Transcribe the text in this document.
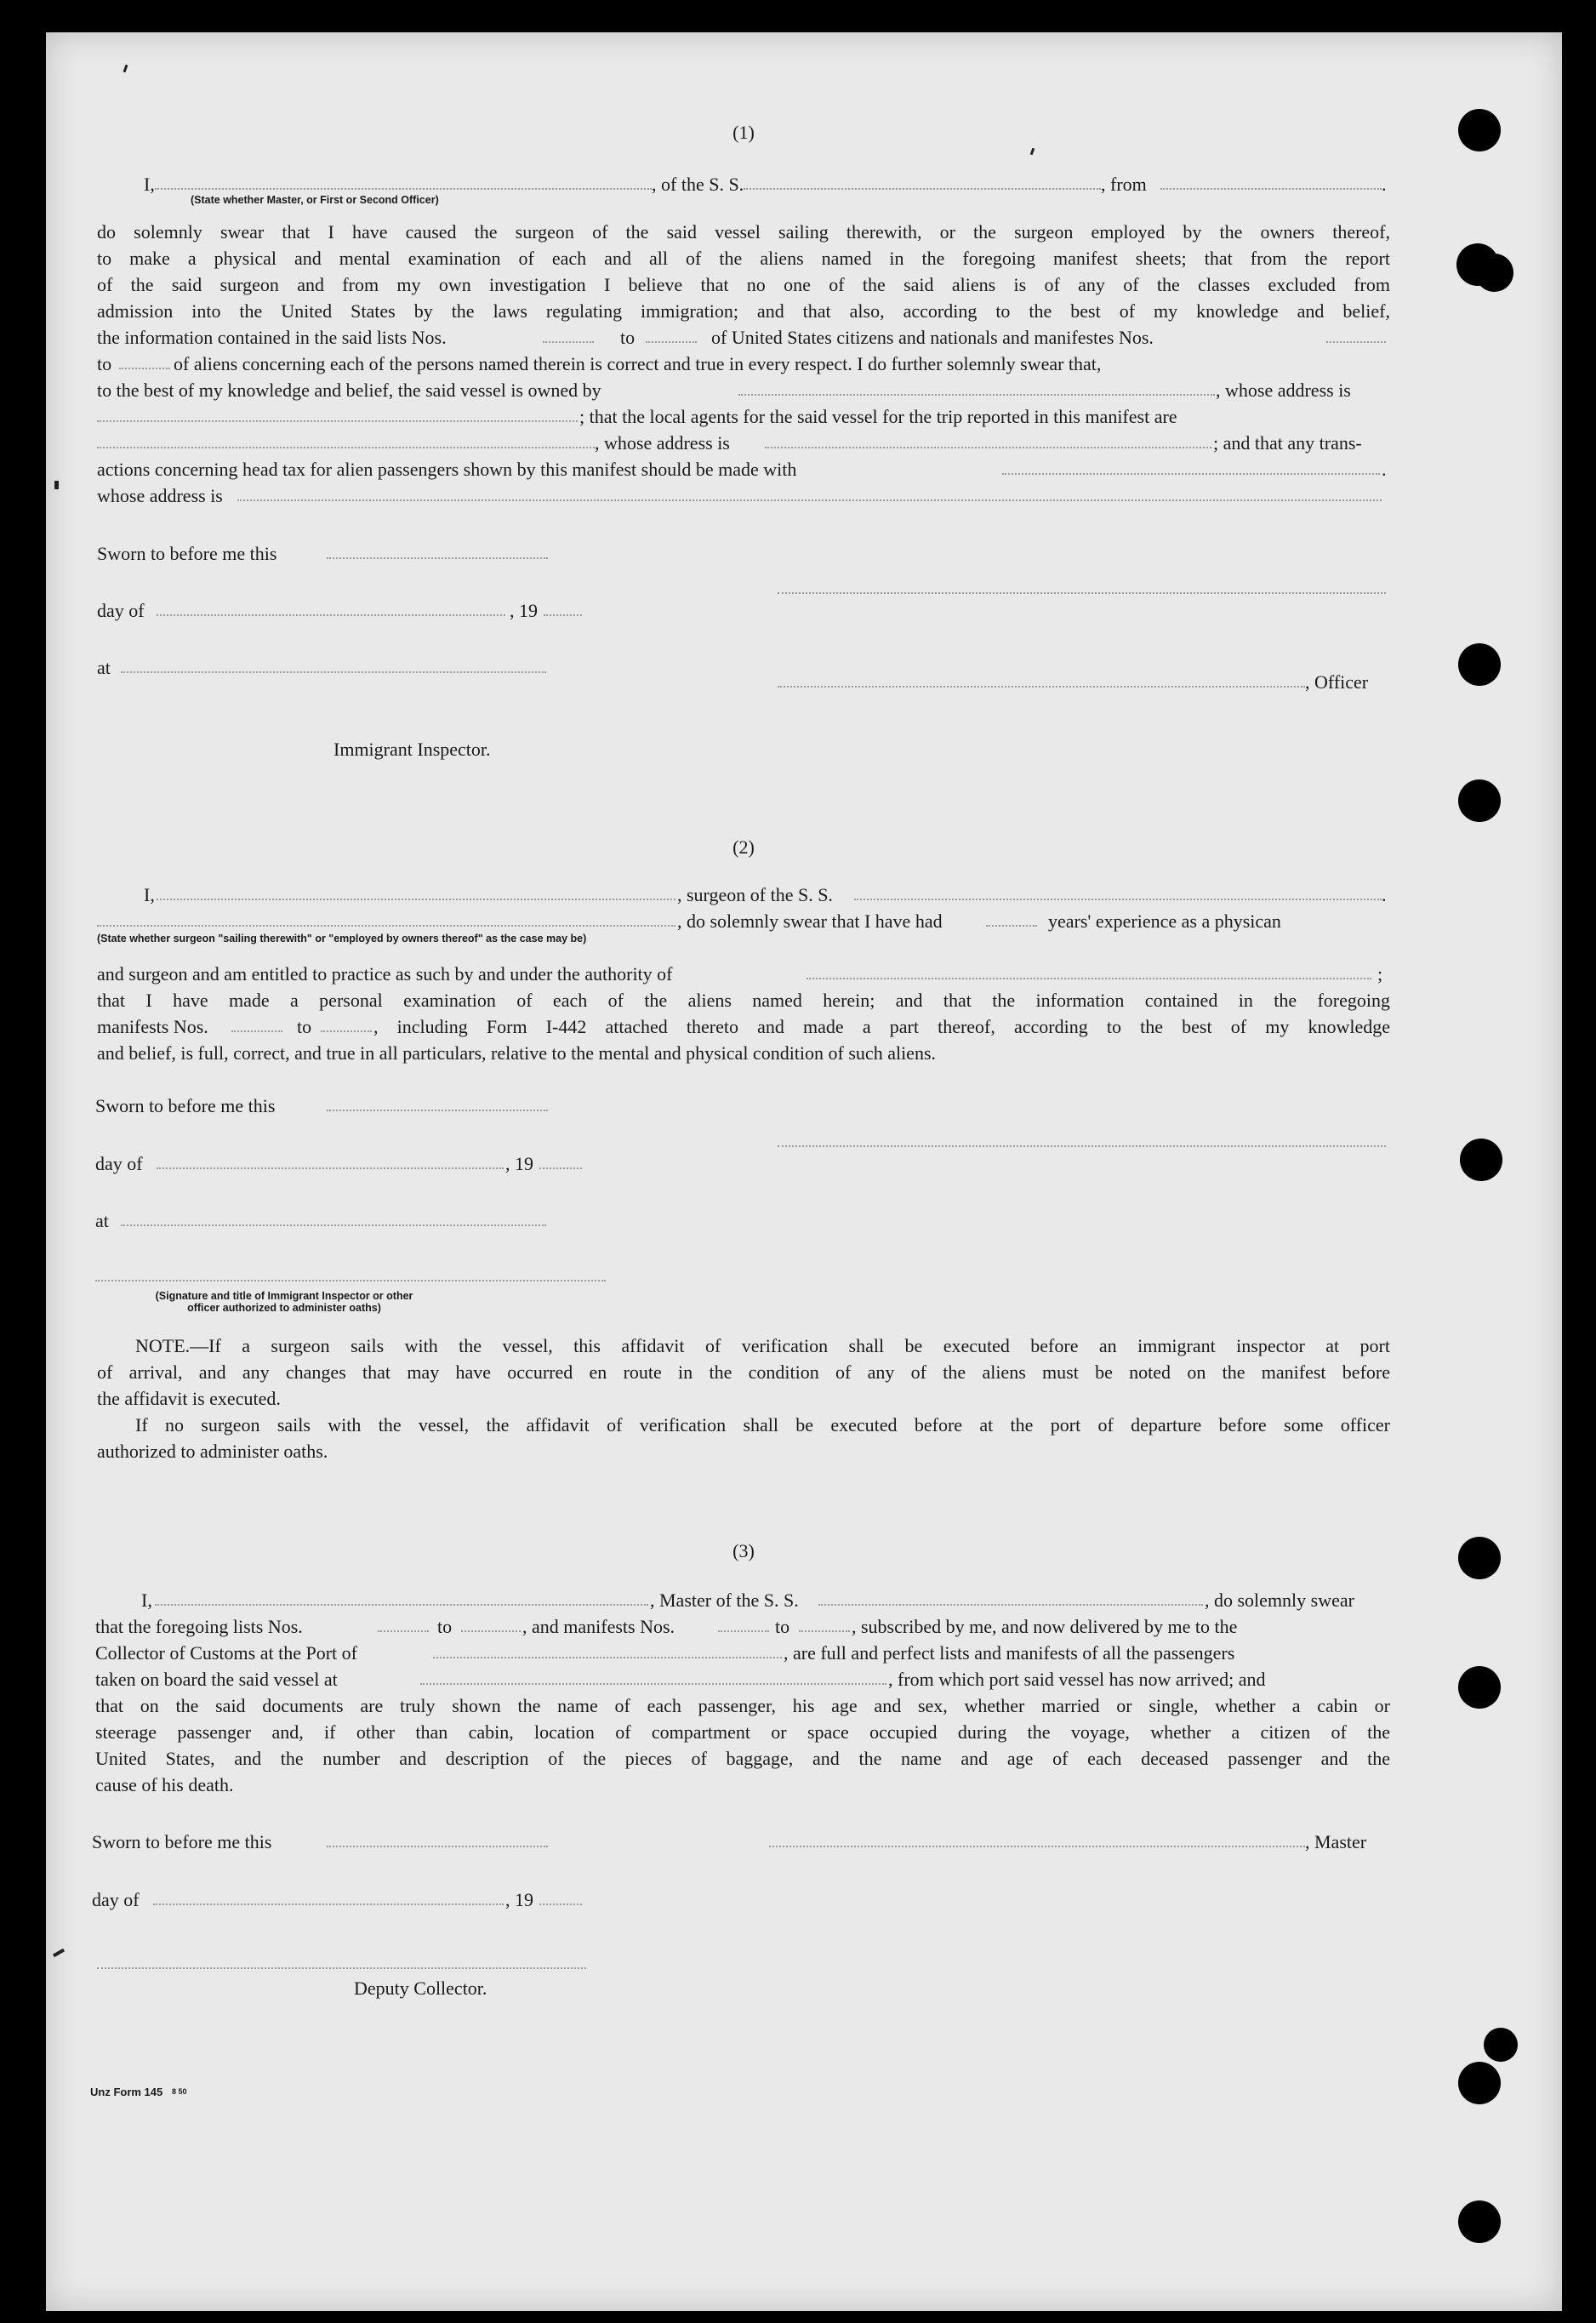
(1)
I,	, of the S. S.	, from	.
(State whether Master, or First or Second Officer)
do solemnly swear that I have caused the surgeon of the said vessel sailing therewith, or the surgeon employed by the owners thereof,
to make a physical and mental examination of each and all of the aliens named in the foregoing manifest sheets; that from the report
of the said surgeon and from my own investigation I believe that no one of the said aliens is of any of the classes excluded from
admission into the United States by the laws regulating immigration; and that also, according to the best of my knowledge and belief,
the information contained in the said lists Nos.	to	of United States citizens and nationals and manifestes Nos.
to	of aliens concerning each of the persons named therein is correct and true in every respect. I do further solemnly swear that,
to the best of my knowledge and belief, the said vessel is owned by	, whose address is
; that the local agents for the said vessel for the trip reported in this manifest are
, whose address is	; and that any trans-
actions concerning head tax for alien passengers shown by this manifest should be made with	.
whose address is
Sworn to before me this
day of	, 19
at
, Officer
Immigrant Inspector.
(2)
I,	, surgeon of the S. S.	.
, do solemnly swear that I have had	years' experience as a physican
(State whether surgeon "sailing therewith" or "employed by owners thereof" as the case may be)
and surgeon and am entitled to practice as such by and under the authority of	;
that I have made a personal examination of each of the aliens named herein; and that the information contained in the foregoing
manifests Nos.	to	, including Form I-442 attached thereto and made a part thereof, according to the best of my knowledge
and belief, is full, correct, and true in all particulars, relative to the mental and physical condition of such aliens.
Sworn to before me this
day of	, 19
at
(Signature and title of Immigrant Inspector or other
officer authorized to administer oaths)
NOTE.—If a surgeon sails with the vessel, this affidavit of verification shall be executed before an immigrant inspector at port
of arrival, and any changes that may have occurred en route in the condition of any of the aliens must be noted on the manifest before
the affidavit is executed.
If no surgeon sails with the vessel, the affidavit of verification shall be executed before at the port of departure before some officer
authorized to administer oaths.
(3)
I,	, Master of the S. S.	, do solemnly swear
that the foregoing lists Nos.	to	, and manifests Nos.	to	, subscribed by me, and now delivered by me to the
Collector of Customs at the Port of	, are full and perfect lists and manifests of all the passengers
taken on board the said vessel at	, from which port said vessel has now arrived; and
that on the said documents are truly shown the name of each passenger, his age and sex, whether married or single, whether a cabin or
steerage passenger and, if other than cabin, location of compartment or space occupied during the voyage, whether a citizen of the
United States, and the number and description of the pieces of baggage, and the name and age of each deceased passenger and the
cause of his death.
Sworn to before me this	, Master
day of	, 19
Deputy Collector.
Unz Form 145 8 50
